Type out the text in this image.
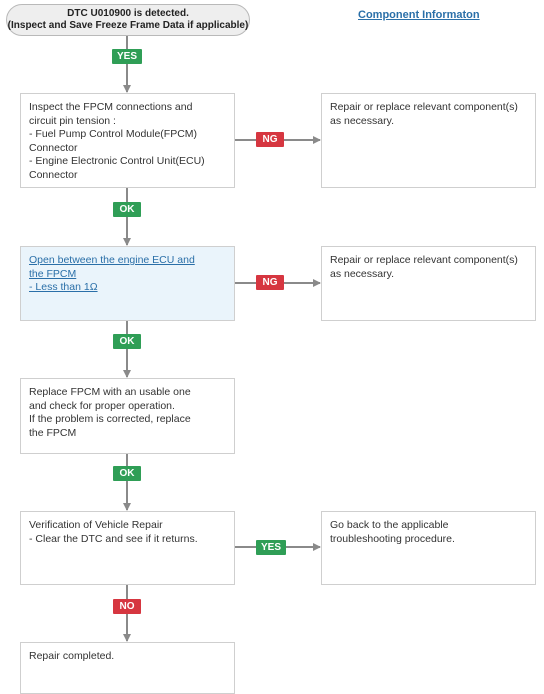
DTC U010900 is detected.
(Inspect and Save Freeze Frame Data if applicable)
Component Informaton
YES
NG
OK
NG
OK
OK
YES
NO
Inspect the FPCM connections and
circuit pin tension :
- Fuel Pump Control Module(FPCM)
Connector
- Engine Electronic Control Unit(ECU)
Connector
Open between the engine ECU and
the FPCM
- Less than 1Ω
Replace FPCM with an usable one
and check for proper operation.
If the problem is corrected, replace
the FPCM
Verification of Vehicle Repair
- Clear the DTC and see if it returns.
Repair completed.
Repair or replace relevant component(s)
as necessary.
Repair or replace relevant component(s)
as necessary.
Go back to the applicable
troubleshooting procedure.
